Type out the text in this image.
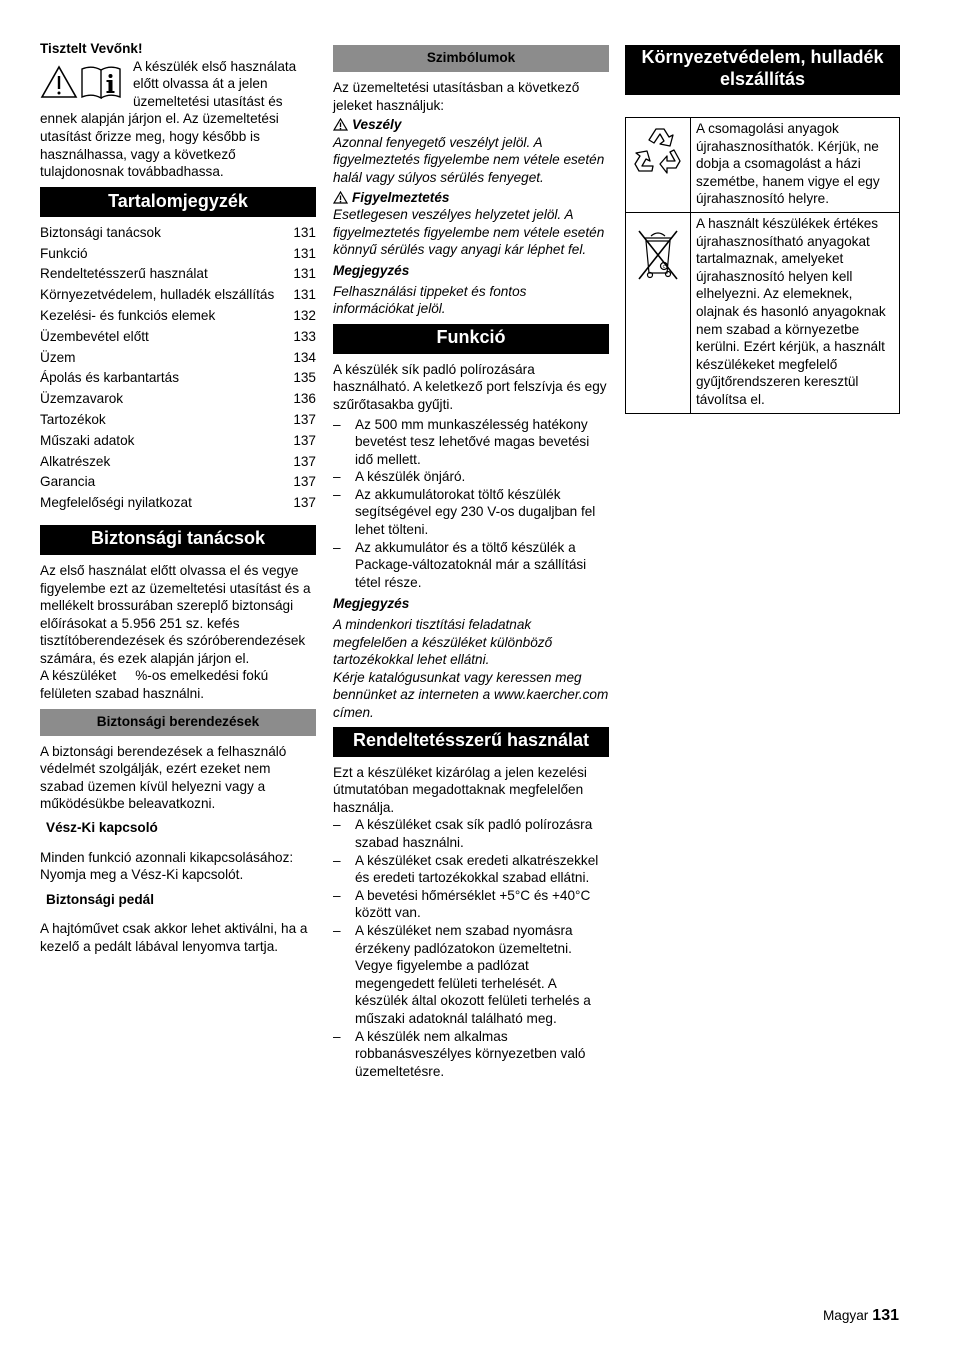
Tisztelt Vevőnk!

A készülék első használata előtt olvassa át a jelen üzemeltetési utasítást és

ennek alapján járjon el. Az üzemeltetési utasítást őrizze meg, hogy később is használhassa, vagy a következő tulajdonosnak továbbadhassa.

Tartalomjegyzék
Biztonsági tanácsok	131
Funkció	131
Rendeltetésszerű használat	131
Környezetvédelem, hulladék elszállítás	131
Kezelési- és funkciós elemek	132
Üzembevétel előtt	133
Üzem	134
Ápolás és karbantartás	135
Üzemzavarok	136
Tartozékok	137
Műszaki adatok	137
Alkatrészek	137
Garancia	137
Megfelelőségi nyilatkozat	137
Biztonsági tanácsok

Az első használat előtt olvassa el és vegye figyelembe ezt az üzemeltetési utasítást és a mellékelt brossurában szereplő biztonsági előírásokat a 5.956 251 sz. kefés tisztítóberendezések és szóróberendezések számára, és ezek alapján járjon el.

A készüléket     %-os emelkedési fokú felületen szabad használni.

Biztonsági berendezések

A biztonsági berendezések a felhasználó védelmét szolgálják, ezért ezeket nem szabad üzemen kívül helyezni vagy a működésükbe beleavatkozni.

Vész-Ki kapcsoló

Minden funkció azonnali kikapcsolásához: Nyomja meg a Vész-Ki kapcsolót.

Biztonsági pedál

A hajtóművet csak akkor lehet aktiválni, ha a kezelő a pedált lábával lenyomva tartja.

Szimbólumok

Az üzemeltetési utasításban a következő jeleket használjuk:

Veszély

Azonnal fenyegető veszélyt jelöl. A figyelmeztetés figyelembe nem vétele esetén halál vagy súlyos sérülés fenyeget.

Figyelmeztetés

Esetlegesen veszélyes helyzetet jelöl. A figyelmeztetés figyelembe nem vétele esetén könnyű sérülés vagy anyagi kár léphet fel.

Megjegyzés

Felhasználási tippeket és fontos információkat jelöl.

Funkció

A készülék sík padló polírozására használható. A keletkező port felszívja és egy szűrőtasakba gyűjti.

– Az 500 mm munkaszélesség hatékony bevetést tesz lehetővé magas bevetési idő mellett.
– A készülék önjáró.
– Az akkumulátorokat töltő készülék segítségével egy 230 V-os dugaljban fel lehet tölteni.
– Az akkumulátor és a töltő készülék a Package-változatoknál már a szállítási tétel része.

Megjegyzés

A mindenkori tisztítási feladatnak megfelelően a készüléket különböző tartozékokkal lehet ellátni.

Kérje katalógusunkat vagy keressen meg bennünket az interneten a www.kaercher.com címen.

Rendeltetésszerű használat

Ezt a készüléket kizárólag a jelen kezelési útmutatóban megadottaknak megfelelően használja.

– A készüléket csak sík padló polírozásra szabad használni.
– A készüléket csak eredeti alkatrészekkel és eredeti tartozékokkal szabad ellátni.
– A bevetési hőmérséklet +5°C és +40°C között van.
– A készüléket nem szabad nyomásra érzékeny padlózatokon üzemeltetni. Vegye figyelembe a padlózat megengedett felületi terhelését. A készülék által okozott felületi terhelés a műszaki adatoknál található meg.
– A készülék nem alkalmas robbanásveszélyes környezetben való üzemeltetésre.
Környezetvédelem, hulladék elszállítás
	A csomagolási anyagok újrahasznosíthatók. Kérjük, ne dobja a csomagolást a házi szemétbe, hanem vigye el egy újrahasznosító helyre.

c	A használt készülékek értékes újrahasznosítható anyagokat tartalmaznak, amelyeket újrahasznosító helyen kell elhelyezni. Az elemeknek, olajnak és hasonló anyagoknak nem szabad a környezetbe kerülni. Ezért kérjük, a használt készülékeket megfelelő gyűjtőrendszeren keresztül távolítsa el.
Magyar 131
